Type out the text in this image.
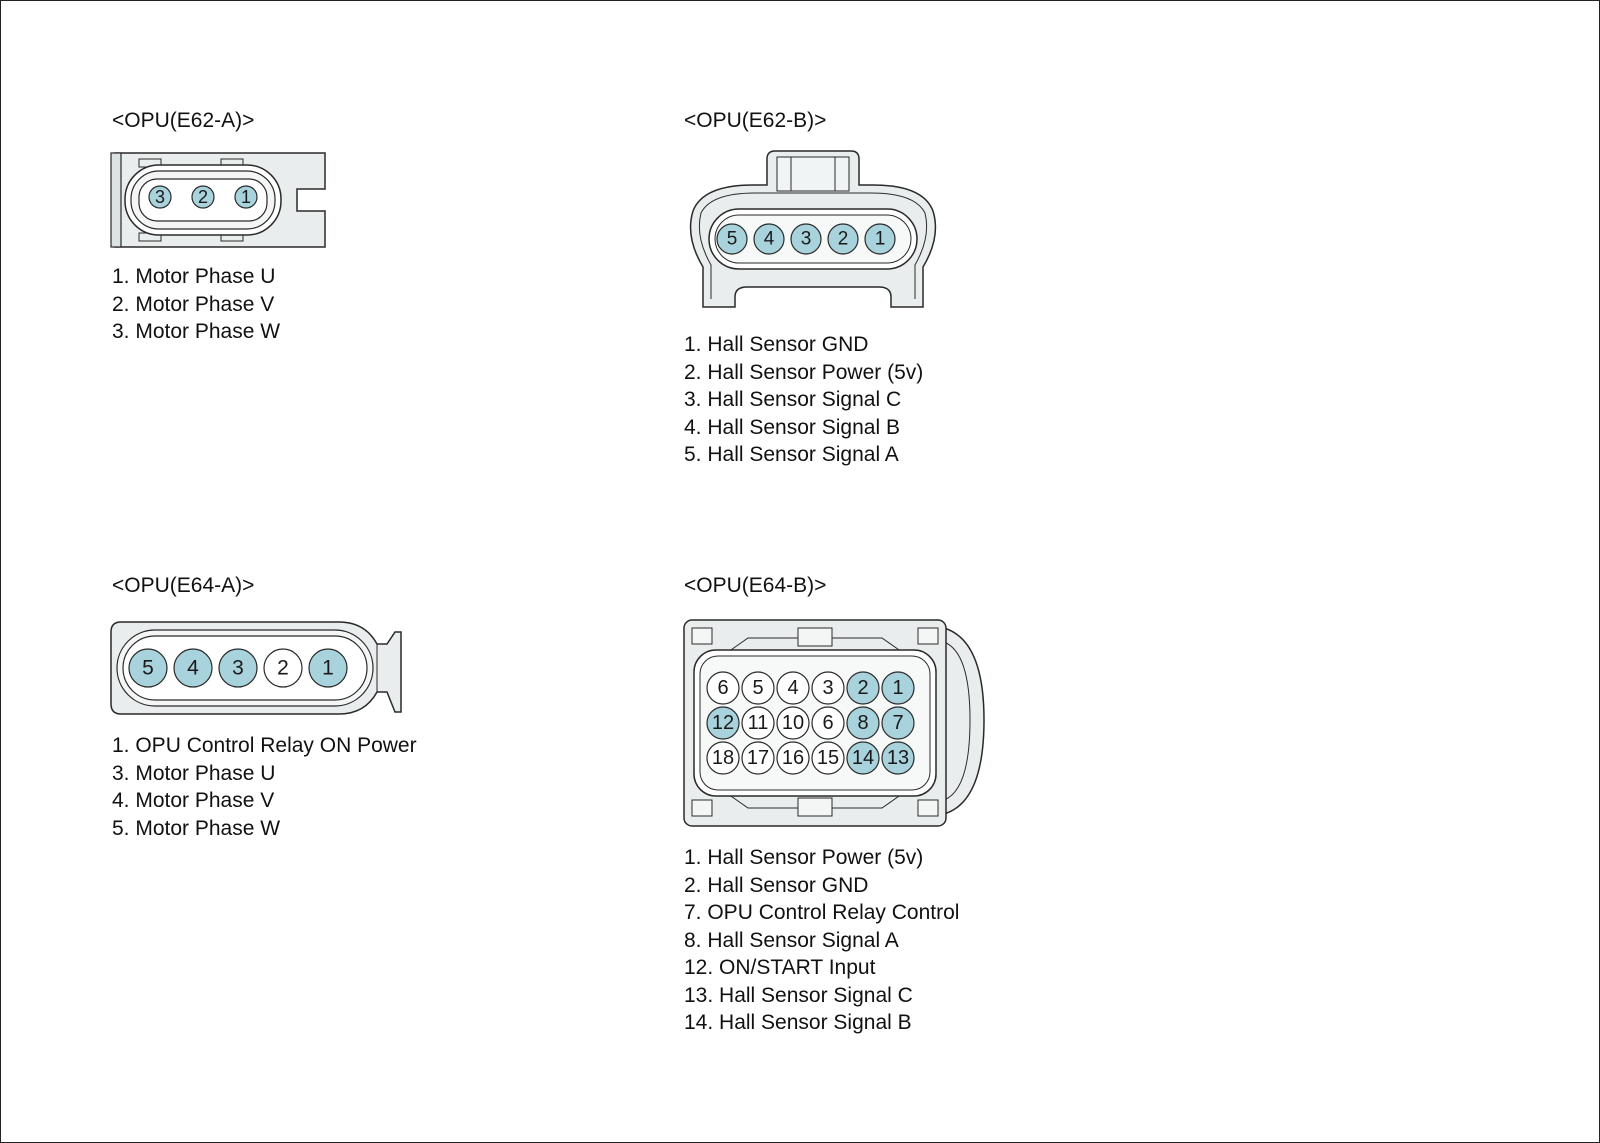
<OPU(E62-A)>

3 2 1
1. Motor Phase U
2. Motor Phase V
3. Motor Phase W

<OPU(E62-B)>

5 4 3 2 1
1. Hall Sensor GND
2. Hall Sensor Power (5v)
3. Hall Sensor Signal C
4. Hall Sensor Signal B
5. Hall Sensor Signal A

<OPU(E64-A)>

5 4 3 2 1
1. OPU Control Relay ON Power
3. Motor Phase U
4. Motor Phase V
5. Motor Phase W

<OPU(E64-B)>

6 5 4 3 2 1
12 11 10 6 8 7
18 17 16 15 14 13
1. Hall Sensor Power (5v)
2. Hall Sensor GND
7. OPU Control Relay Control
8. Hall Sensor Signal A
12. ON/START Input
13. Hall Sensor Signal C
14. Hall Sensor Signal B
